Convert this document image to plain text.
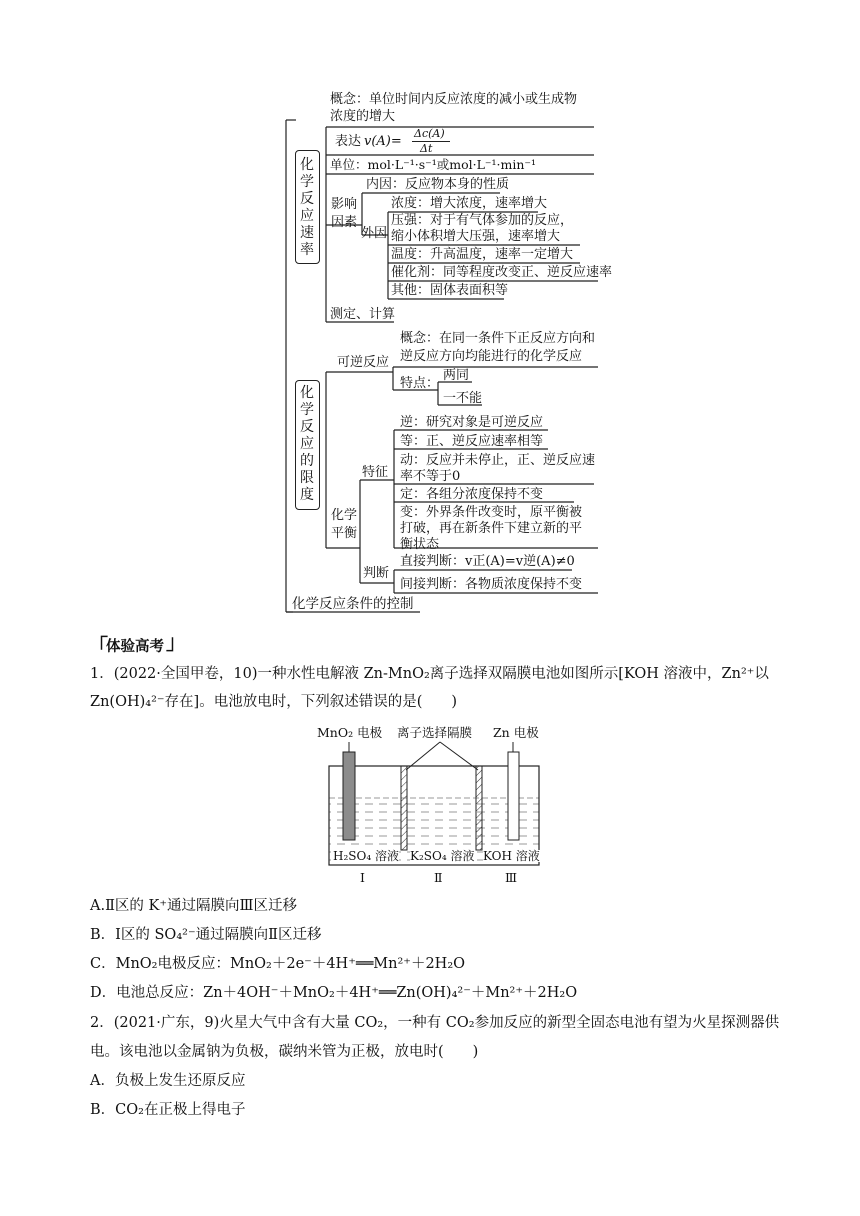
化学反应速率
化学反应的限度
概念：单位时间内反应浓度的减小或生成物
浓度的增大
表达 v(A)=
Δc(A)
Δt
单位：mol·L⁻¹·s⁻¹或mol·L⁻¹·min⁻¹
内因：反应物本身的性质
影响因素
外因
浓度：增大浓度，速率增大
压强：对于有气体参加的反应，
缩小体积增大压强，速率增大
温度：升高温度，速率一定增大
催化剂：同等程度改变正、逆反应速率
其他：固体表面积等
测定、计算
可逆反应
概念：在同一条件下正反应方向和
逆反应方向均能进行的化学反应
特点：
两同
一不能
化学平衡
特征
判断
逆：研究对象是可逆反应
等：正、逆反应速率相等
动：反应并未停止，正、逆反应速
率不等于0
定：各组分浓度保持不变
变：外界条件改变时，原平衡被
打破，再在新条件下建立新的平
衡状态
直接判断：v正(A)=v逆(A)≠0
间接判断：各物质浓度保持不变
化学反应条件的控制
「
体验高考 」
1．(2022·全国甲卷，10)一种水性电解液 Zn-MnO₂离子选择双隔膜电池如图所示[KOH 溶液中，Zn²⁺以
Zn(OH)₄²⁻存在]。电池放电时，下列叙述错误的是(　　)
MnO₂ 电极 离子选择隔膜 Zn 电极
H₂SO₄ 溶液 K₂SO₄ 溶液 KOH 溶液
Ⅰ	Ⅱ	Ⅲ
A.Ⅱ区的 K⁺通过隔膜向Ⅲ区迁移
B．Ⅰ区的 SO₄²⁻通过隔膜向Ⅱ区迁移
C．MnO₂电极反应：MnO₂＋2e⁻＋4H⁺══Mn²⁺＋2H₂O
D．电池总反应：Zn＋4OH⁻＋MnO₂＋4H⁺══Zn(OH)₄²⁻＋Mn²⁺＋2H₂O
2．(2021·广东，9)火星大气中含有大量 CO₂，一种有 CO₂参加反应的新型全固态电池有望为火星探测器供
电。该电池以金属钠为负极，碳纳米管为正极，放电时(　　)
A．负极上发生还原反应
B．CO₂在正极上得电子
